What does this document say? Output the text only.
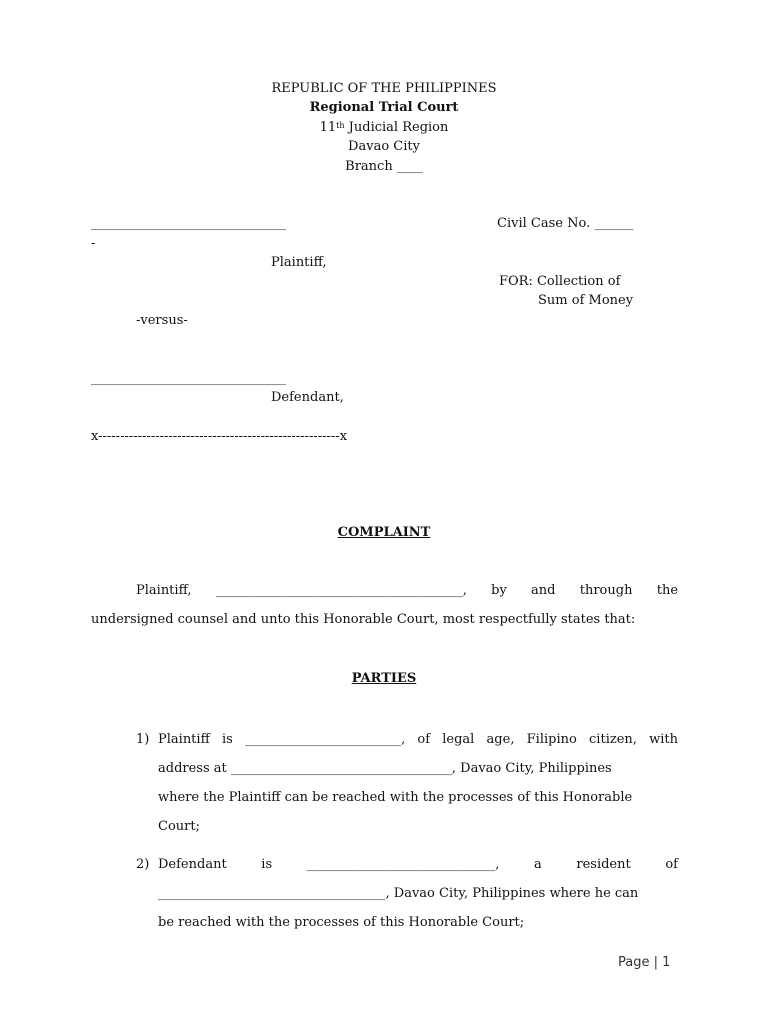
REPUBLIC OF THE PHILIPPINES
Regional Trial Court
11th Judicial Region
Davao City
Branch ____
______________________________
-
Civil Case No. ______
Plaintiff,
FOR: Collection of
Sum of Money
-versus-
______________________________
Defendant,
x-------------------------------------------------------x
COMPLAINT
Plaintiff, ______________________________________, by and through the
undersigned counsel and unto this Honorable Court, most respectfully states that:
PARTIES
1) Plaintiff is ________________________, of legal age, Filipino citizen, with
address at __________________________________, Davao City, Philippines
where the Plaintiff can be reached with the processes of this Honorable
Court;
2) Defendant	is	_____________________________,	a	resident	of
___________________________________, Davao City, Philippines where he can
be reached with the processes of this Honorable Court;
Page | 1
